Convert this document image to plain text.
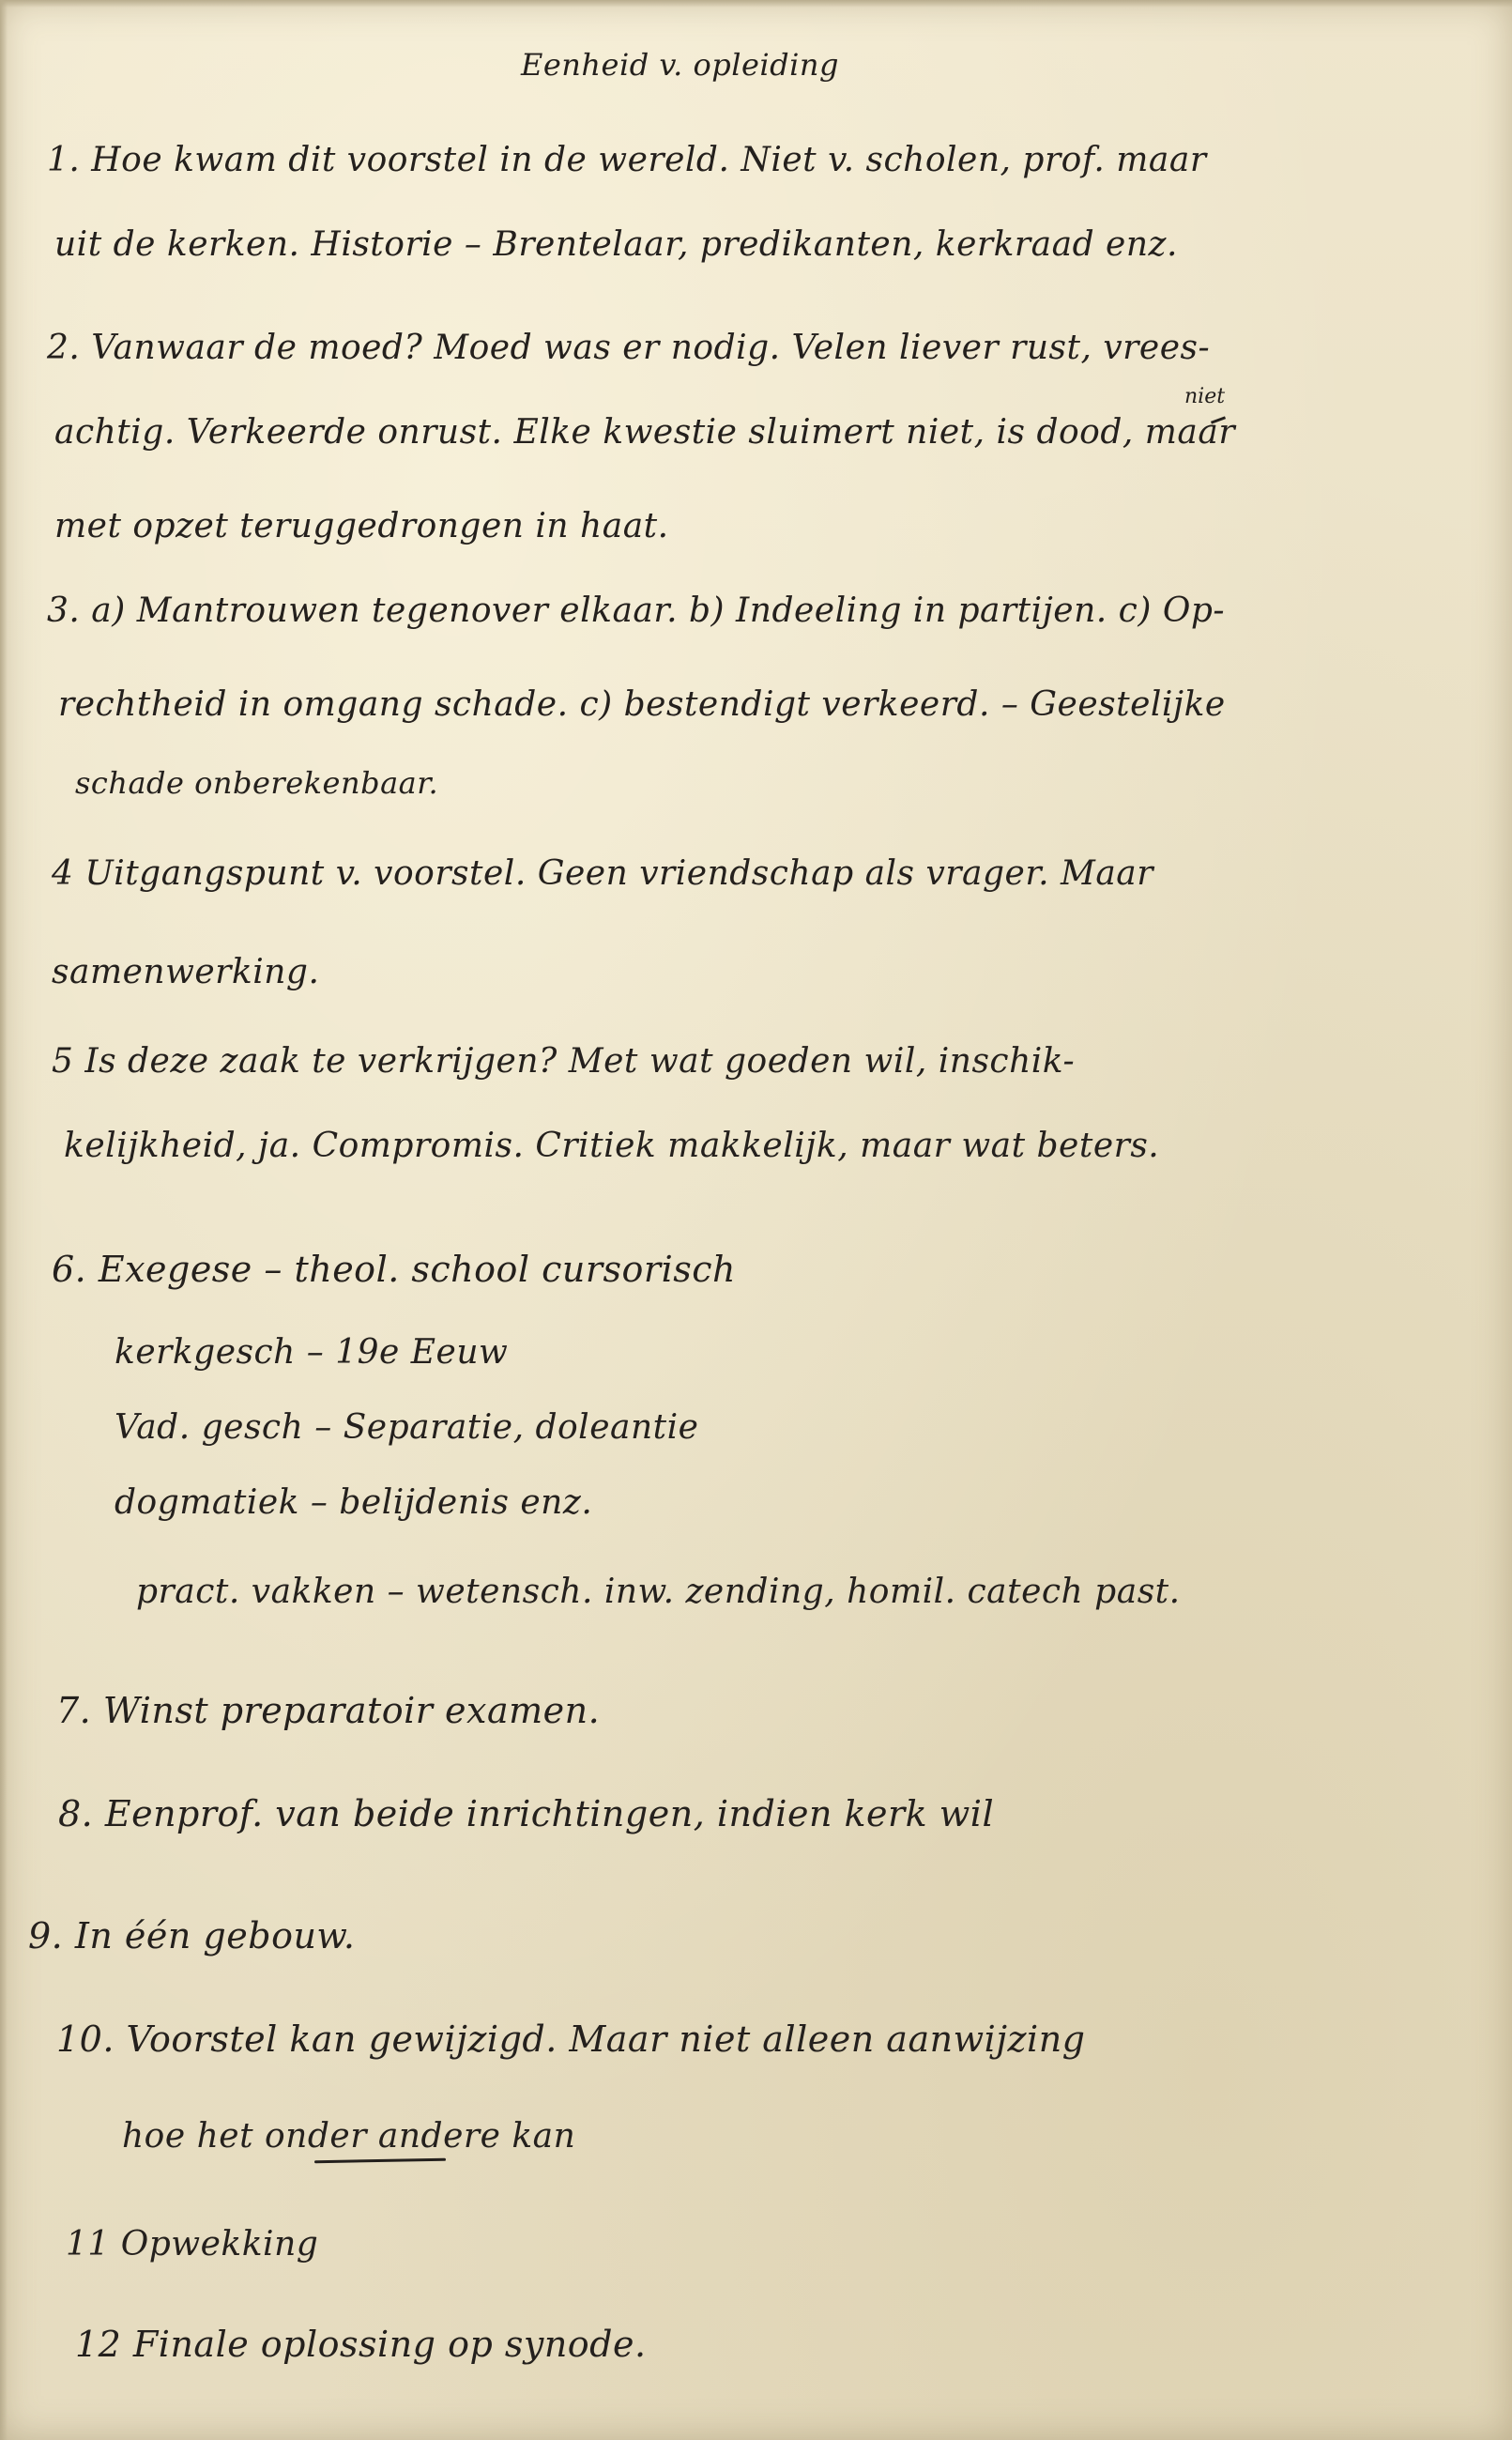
Eenheid v. opleiding
niet
1. Hoe kwam dit voorstel in de wereld. Niet v. scholen, prof. maar
uit de kerken. Historie – Brentelaar, predikanten, kerkraad enz.
2. Vanwaar de moed? Moed was er nodig. Velen liever rust, vrees-
achtig. Verkeerde onrust. Elke kwestie sluimert niet, is dood, maar
met opzet teruggedrongen in haat.
3. a) Mantrouwen tegenover elkaar. b) Indeeling in partijen. c) Op-
rechtheid in omgang schade. c) bestendigt verkeerd. – Geestelijke
schade onberekenbaar.
4 Uitgangspunt v. voorstel. Geen vriendschap als vrager. Maar
samenwerking.
5 Is deze zaak te verkrijgen? Met wat goeden wil, inschik-
kelijkheid, ja. Compromis. Critiek makkelijk, maar wat beters.
6. Exegese – theol. school cursorisch
kerkgesch – 19e Eeuw
Vad. gesch – Separatie, doleantie
dogmatiek – belijdenis enz.
pract. vakken – wetensch. inw. zending, homil. catech past.
7. Winst preparatoir examen.
8. Eenprof. van beide inrichtingen, indien kerk wil
9. In één gebouw.
10. Voorstel kan gewijzigd. Maar niet alleen aanwijzing
hoe het onder andere kan
11 Opwekking
12 Finale oplossing op synode.
